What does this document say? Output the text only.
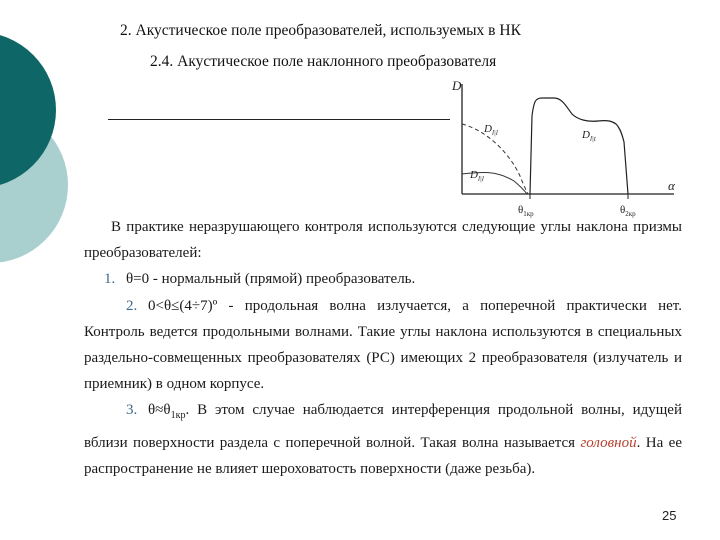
2. Акустическое поле преобразователей, используемых в НК
2.4. Акустическое поле наклонного преобразователя
D
α
$D_{l|l}$	$D_{l|t}$
$D_{l|l}$
$\theta_{1кр}$	$\theta_{2кр}$

В практике неразрушающего контроля используются следующие углы наклона призмы преобразователей:

1. θ=0 - нормальный (прямой) преобразователь.

2. 0<θ≤(4÷7)º - продольная волна излучается, а поперечной практически нет. Контроль ведется продольными волнами. Такие углы наклона используются в специальных раздельно-совмещенных преобразователях (РС) имеющих 2 преобразователя (излучатель и приемник) в одном корпусе.

3. $\theta\approx\theta_{1кр}$. В этом случае наблюдается интерференция продольной волны, идущей вблизи поверхности раздела с поперечной волной. Такая волна называется головной. На ее распространение не влияет шероховатость поверхности (даже резьба).

25
